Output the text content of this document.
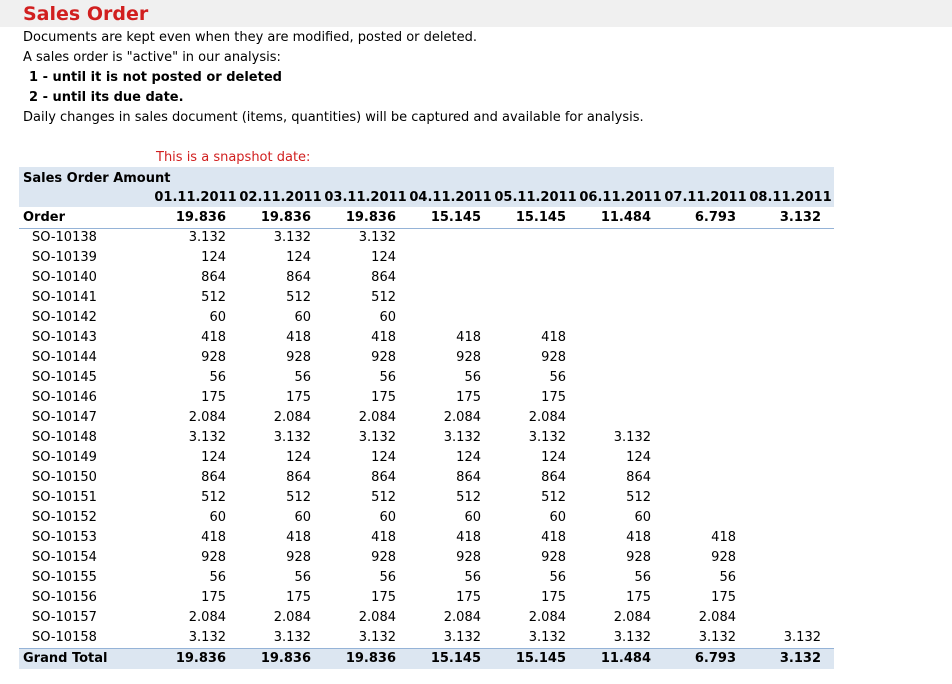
Sales Order
Documents are kept even when they are modified, posted or deleted.
A sales order is "active" in our analysis:
1 - until it is not posted or deleted
2 - until its due date.
Daily changes in sales document (items, quantities) will be captured and available for analysis.
This is a snapshot date:
Sales Order Amount
01.11.2011 02.11.2011 03.11.2011 04.11.2011 05.11.2011 06.11.2011 07.11.2011 08.11.2011
Order	19.836	19.836	19.836	15.145	15.145	11.484	6.793	3.132
SO-10138	3.132	3.132	3.132
SO-10139	124	124	124
SO-10140	864	864	864
SO-10141	512	512	512
SO-10142	60	60	60
SO-10143	418	418	418	418	418
SO-10144	928	928	928	928	928
SO-10145	56	56	56	56	56
SO-10146	175	175	175	175	175
SO-10147	2.084	2.084	2.084	2.084	2.084
SO-10148	3.132	3.132	3.132	3.132	3.132	3.132
SO-10149	124	124	124	124	124	124
SO-10150	864	864	864	864	864	864
SO-10151	512	512	512	512	512	512
SO-10152	60	60	60	60	60	60
SO-10153	418	418	418	418	418	418	418
SO-10154	928	928	928	928	928	928	928
SO-10155	56	56	56	56	56	56	56
SO-10156	175	175	175	175	175	175	175
SO-10157	2.084	2.084	2.084	2.084	2.084	2.084	2.084
SO-10158	3.132	3.132	3.132	3.132	3.132	3.132	3.132	3.132
Grand Total	19.836	19.836	19.836	15.145	15.145	11.484	6.793	3.132
